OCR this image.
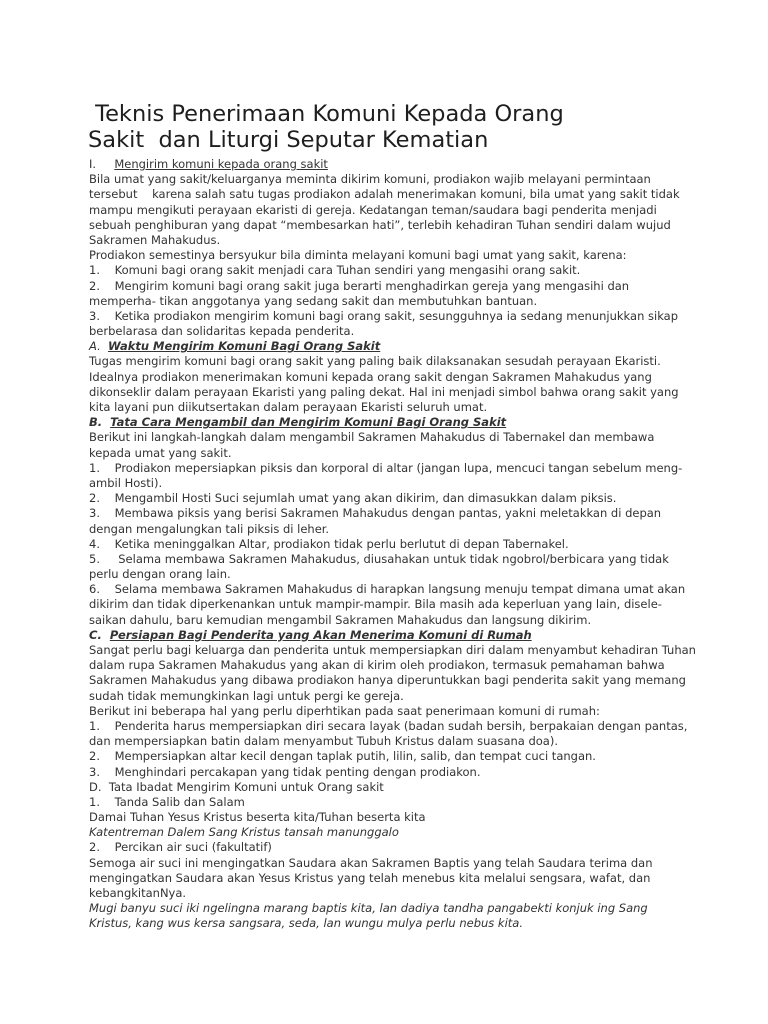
Teknis Penerimaan Komuni Kepada Orang
Sakit  dan Liturgi Seputar Kematian
I.     Mengirim komuni kepada orang sakit
Bila umat yang sakit/keluarganya meminta dikirim komuni, prodiakon wajib melayani permintaan
tersebut    karena salah satu tugas prodiakon adalah menerimakan komuni, bila umat yang sakit tidak
mampu mengikuti perayaan ekaristi di gereja. Kedatangan teman/saudara bagi penderita menjadi
sebuah penghiburan yang dapat “membesarkan hati”, terlebih kehadiran Tuhan sendiri dalam wujud
Sakramen Mahakudus.
Prodiakon semestinya bersyukur bila diminta melayani komuni bagi umat yang sakit, karena:
1.    Komuni bagi orang sakit menjadi cara Tuhan sendiri yang mengasihi orang sakit.
2.    Mengirim komuni bagi orang sakit juga berarti menghadirkan gereja yang mengasihi dan
memperha- tikan anggotanya yang sedang sakit dan membutuhkan bantuan.
3.    Ketika prodiakon mengirim komuni bagi orang sakit, sesungguhnya ia sedang menunjukkan sikap
berbelarasa dan solidaritas kepada penderita.
A.  Waktu Mengirim Komuni Bagi Orang Sakit
Tugas mengirim komuni bagi orang sakit yang paling baik dilaksanakan sesudah perayaan Ekaristi.
Idealnya prodiakon menerimakan komuni kepada orang sakit dengan Sakramen Mahakudus yang
dikonseklir dalam perayaan Ekaristi yang paling dekat. Hal ini menjadi simbol bahwa orang sakit yang
kita layani pun diikutsertakan dalam perayaan Ekaristi seluruh umat.
B.  Tata Cara Mengambil dan Mengirim Komuni Bagi Orang Sakit
Berikut ini langkah-langkah dalam mengambil Sakramen Mahakudus di Tabernakel dan membawa
kepada umat yang sakit.
1.    Prodiakon mepersiapkan piksis dan korporal di altar (jangan lupa, mencuci tangan sebelum meng-
ambil Hosti).
2.    Mengambil Hosti Suci sejumlah umat yang akan dikirim, dan dimasukkan dalam piksis.
3.    Membawa piksis yang berisi Sakramen Mahakudus dengan pantas, yakni meletakkan di depan
dengan mengalungkan tali piksis di leher.
4.    Ketika meninggalkan Altar, prodiakon tidak perlu berlutut di depan Tabernakel.
5.     Selama membawa Sakramen Mahakudus, diusahakan untuk tidak ngobrol/berbicara yang tidak
perlu dengan orang lain.
6.    Selama membawa Sakramen Mahakudus di harapkan langsung menuju tempat dimana umat akan
dikirim dan tidak diperkenankan untuk mampir-mampir. Bila masih ada keperluan yang lain, disele-
saikan dahulu, baru kemudian mengambil Sakramen Mahakudus dan langsung dikirim.
C.  Persiapan Bagi Penderita yang Akan Menerima Komuni di Rumah
Sangat perlu bagi keluarga dan penderita untuk mempersiapkan diri dalam menyambut kehadiran Tuhan
dalam rupa Sakramen Mahakudus yang akan di kirim oleh prodiakon, termasuk pemahaman bahwa
Sakramen Mahakudus yang dibawa prodiakon hanya diperuntukkan bagi penderita sakit yang memang
sudah tidak memungkinkan lagi untuk pergi ke gereja.
Berikut ini beberapa hal yang perlu diperhtikan pada saat penerimaan komuni di rumah:
1.    Penderita harus mempersiapkan diri secara layak (badan sudah bersih, berpakaian dengan pantas,
dan mempersiapkan batin dalam menyambut Tubuh Kristus dalam suasana doa).
2.    Mempersiapkan altar kecil dengan taplak putih, lilin, salib, dan tempat cuci tangan.
3.    Menghindari percakapan yang tidak penting dengan prodiakon.
D.  Tata Ibadat Mengirim Komuni untuk Orang sakit
1.    Tanda Salib dan Salam
Damai Tuhan Yesus Kristus beserta kita/Tuhan beserta kita
Katentreman Dalem Sang Kristus tansah manunggalo
2.    Percikan air suci (fakultatif)
Semoga air suci ini mengingatkan Saudara akan Sakramen Baptis yang telah Saudara terima dan
mengingatkan Saudara akan Yesus Kristus yang telah menebus kita melalui sengsara, wafat, dan
kebangkitanNya.
Mugi banyu suci iki ngelingna marang baptis kita, lan dadiya tandha pangabekti konjuk ing Sang
Kristus, kang wus kersa sangsara, seda, lan wungu mulya perlu nebus kita.
